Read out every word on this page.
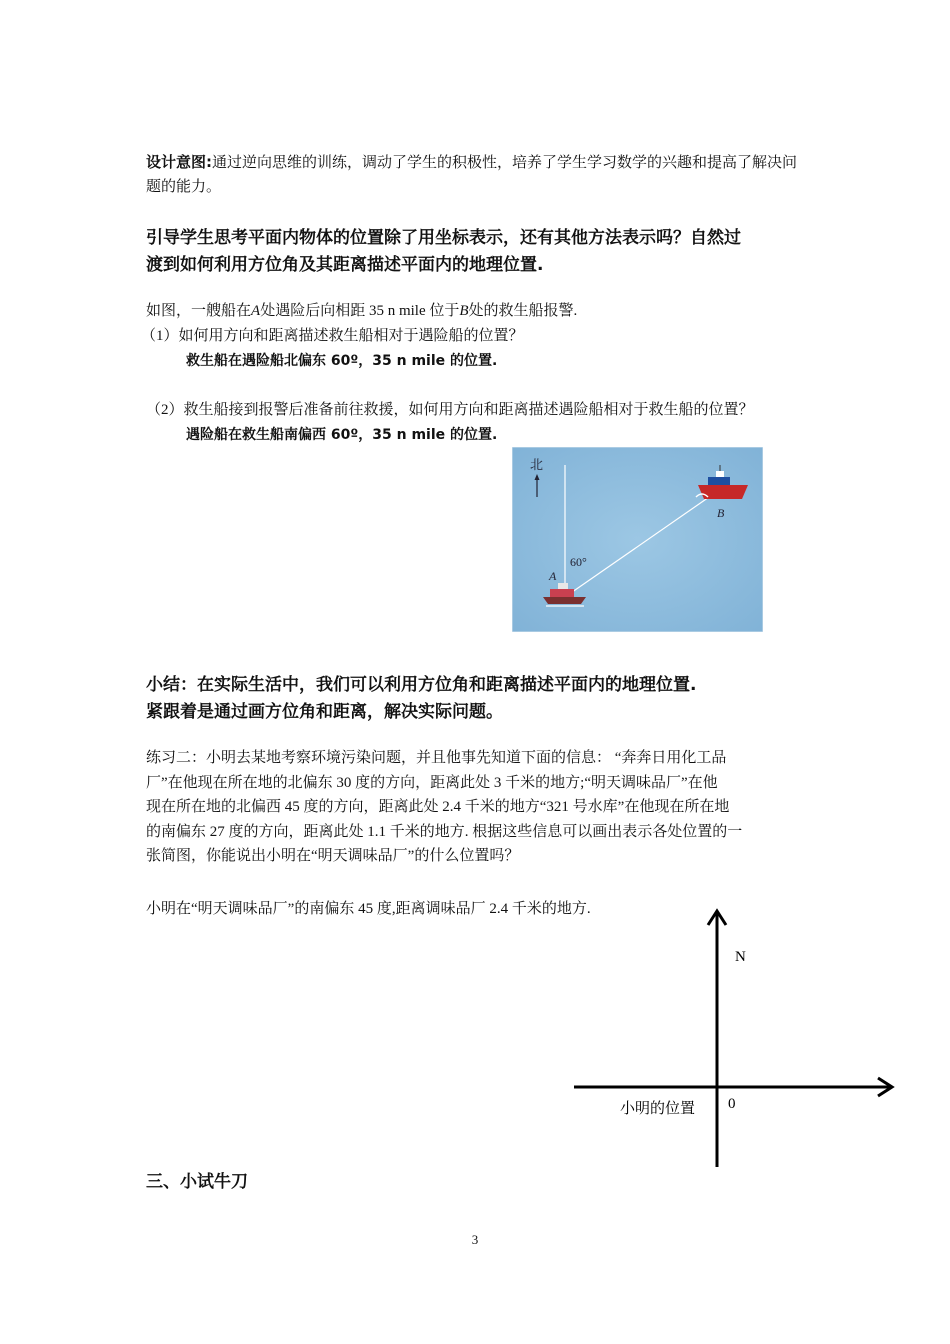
设计意图:通过逆向思维的训练，调动了学生的积极性，培养了学生学习数学的兴趣和提高了解决问题的能力。
引导学生思考平面内物体的位置除了用坐标表示，还有其他方法表示吗？自然过
渡到如何利用方位角及其距离描述平面内的地理位置.
如图，一艘船在A处遇险后向相距 35 n mile 位于B处的救生船报警.
（1）如何用方向和距离描述救生船相对于遇险船的位置？
救生船在遇险船北偏东 60º，35 n mile 的位置.
（2）救生船接到报警后准备前往救援，如何用方向和距离描述遇险船相对于救生船的位置？
遇险船在救生船南偏西 60º，35 n mile 的位置.
北
60°
A
B
小结：在实际生活中，我们可以利用方位角和距离描述平面内的地理位置.
紧跟着是通过画方位角和距离，解决实际问题。
练习二：小明去某地考察环境污染问题，并且他事先知道下面的信息： “奔奔日用化工品
厂”在他现在所在地的北偏东 30 度的方向，距离此处 3 千米的地方;“明天调味品厂”在他
现在所在地的北偏西 45 度的方向，距离此处 2.4 千米的地方“321 号水库”在他现在所在地
的南偏东 27 度的方向，距离此处 1.1 千米的地方. 根据这些信息可以画出表示各处位置的一
张简图，你能说出小明在“明天调味品厂”的什么位置吗？
小明在“明天调味品厂”的南偏东 45 度,距离调味品厂 2.4 千米的地方.
N
0
小明的位置
三、小试牛刀
3
